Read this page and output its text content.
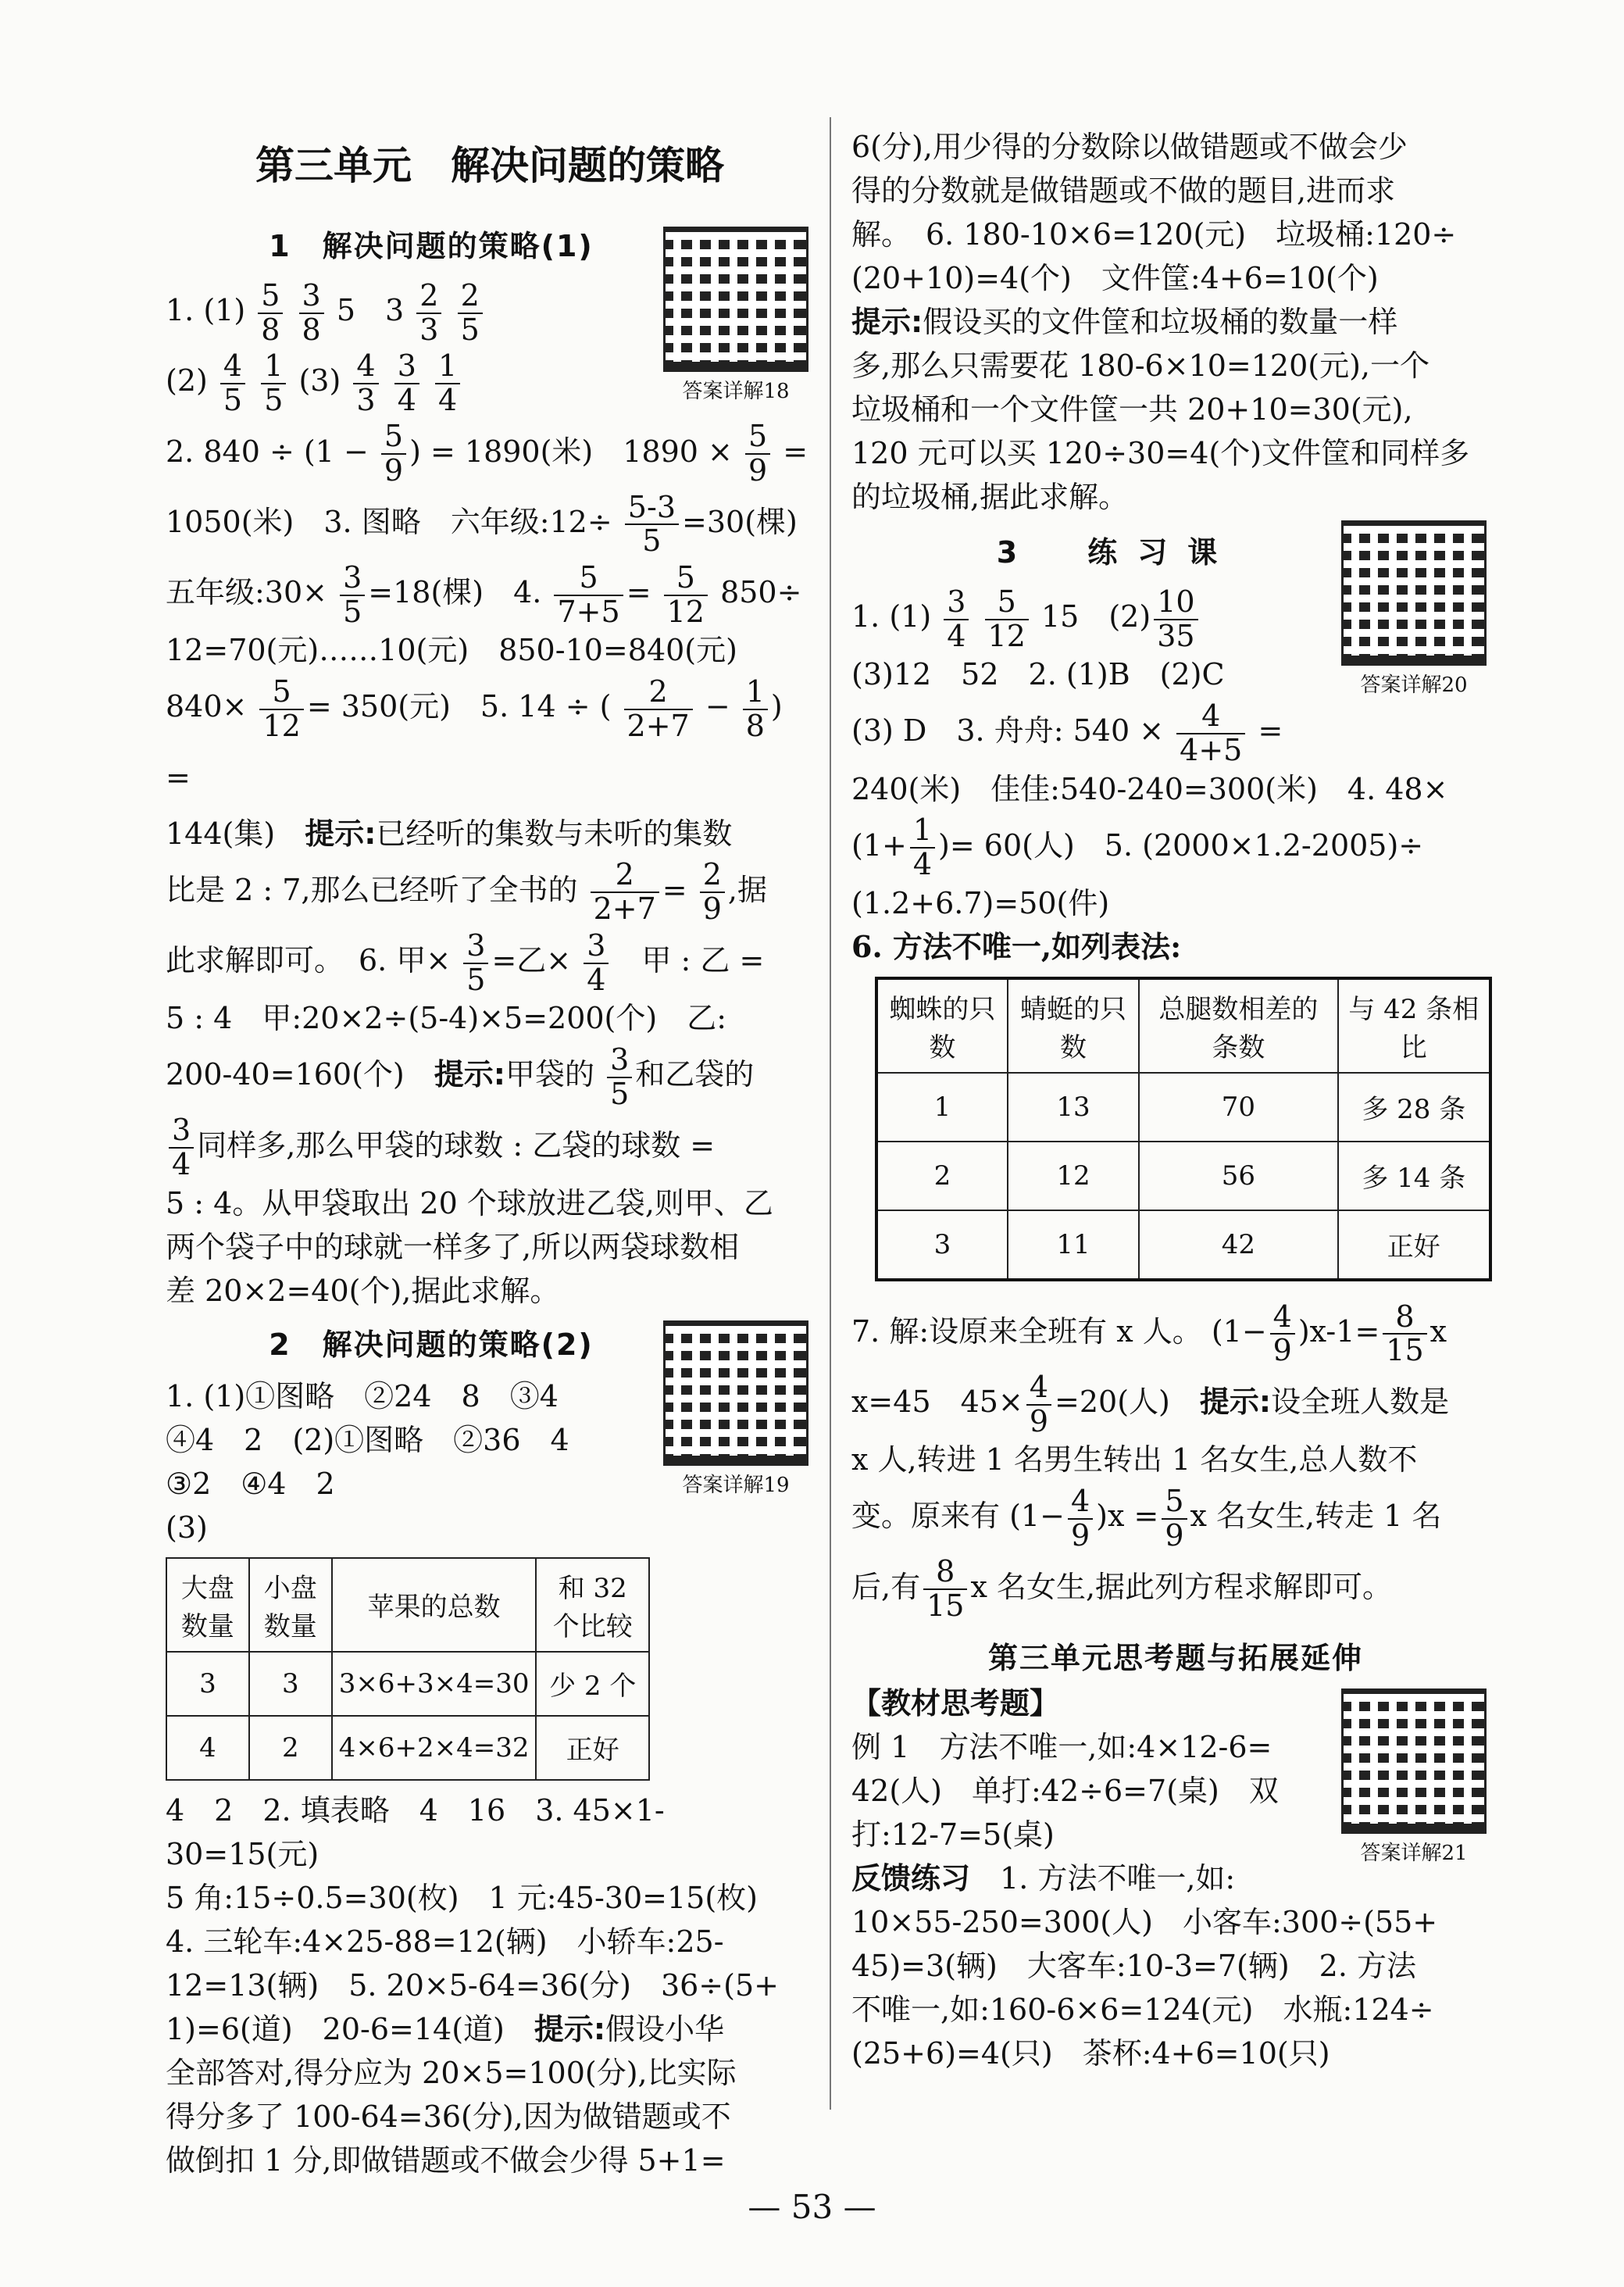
第三单元　解决问题的策略
1　解决问题的策略(1)
答案详解18

1. $(1) \frac{5}{8}$
$\frac{3}{8} 5$　$3 \frac{2}{3}$
$\frac{2}{5}$

$(2) \frac{4}{5}$
$\frac{1}{5} (3) \frac{4}{3}$
$\frac{3}{4}$
$\frac{1}{4}$

2. $840 \div (1 - \frac{5}{9}$ ) = 1890(米)　$1890 \times \frac{5}{9}$ =

1050(米)　3. 图略　六年级:12÷ $\frac{5-3}{5} =30$(棵)

五年级:30× $\frac{3}{5} =18$(棵)　4. $\frac{5}{7+5} = \frac{5}{12} 850\div$

12=70(元)……10(元)　850-10=840(元)

$840\times \frac{5}{12} = 350$(元)　5. 14 ÷ ( $\frac{2}{2+7} - \frac{1}{8}$ ) =

144(集)　 提示:已经听的集数与未听的集数

比是 2 : 7,那么已经听了全书的 $\frac{2}{2+7} = \frac{2}{9}$ ,据

此求解即可。　6. 甲× $\frac{3}{5}$ =乙× $\frac{3}{4}$
　 甲 : 乙 =

5 : 4　甲:20×2÷(5-4)×5=200(个)　乙:

200-40=160(个)　 提示:甲袋的 $\frac{3}{5}$ 和乙袋的

$\frac{3}{4}$ 同样多,那么甲袋的球数 : 乙袋的球数 =

5 : 4。从甲袋取出 20 个球放进乙袋,则甲、乙

两个袋子中的球就一样多了,所以两袋球数相

差 20×2=40(个),据此求解。

2　解决问题的策略(2)
答案详解19

1. (1)①图略　②24　8　③4

④4　2　(2)①图略　②36　4

③2　④4　2

(3)

大盘数量	小盘数量	苹果的总数	和 32 个比较
3	3	3×6+3×4=30	少 2 个
4	2	4×6+2×4=32	正好

4　2　2. 填表略　4　16　3. 45×1-30=15(元)

5 角:15÷0.5=30(枚)　1 元:45-30=15(枚)

4. 三轮车:4×25-88=12(辆)　小轿车:25-

12=13(辆)　5. 20×5-64=36(分)　36÷(5+

1)=6(道)　20-6=14(道)　 提示:假设小华

全部答对,得分应为 20×5=100(分),比实际

得分多了 100-64=36(分),因为做错题或不

做倒扣 1 分,即做错题或不做会少得 5+1=

6(分),用少得的分数除以做错题或不做会少

得的分数就是做错题或不做的题目,进而求

解。　6. 180-10×6=120(元)　垃圾桶:120÷

(20+10)=4(个)　文件筐:4+6=10(个)

提示:假设买的文件筐和垃圾桶的数量一样

多,那么只需要花 180-6×10=120(元),一个

垃圾桶和一个文件筐一共 20+10=30(元),

120 元可以买 120÷30=4(个)文件筐和同样多

的垃圾桶,据此求解。

3　练习课
答案详解20

1. $(1) \frac{3}{4}$
$\frac{5}{12} 15$　$(2) \frac{10}{35}$

(3)12　52　2. (1)B　(2)C

(3) D　3. 舟舟: $540 \times \frac{4}{4+5}$ =

240(米)　佳佳:540-240=300(米)　4. 48×

($1+ \frac{1}{4}$ )= 60(人)　5. (2000×1.2-2005)÷

(1.2+6.7)=50(件)

6. 方法不唯一,如列表法:

蜘蛛的只数	蜻蜓的只数	总腿数相差的条数	与 42 条相比
1	13	70	多 28 条
2	12	56	多 14 条
3	11	42	正好

7. 解:设原来全班有 x 人。 $(1- \frac{4}{9} )x-1= \frac{8}{15}$ x

x=45　$45\times \frac{4}{9} =20$(人)　 提示:设全班人数是

x 人,转进 1 名男生转出 1 名女生,总人数不

变。原来有 $(1- \frac{4}{9} )x = \frac{5}{9}$ x 名女生,转走 1 名

后,有 $\frac{8}{15}$ x 名女生,据此列方程求解即可。

第三单元思考题与拓展延伸
答案详解21

【教材思考题】

例 1　方法不唯一,如:4×12-6=

42(人)　单打:42÷6=7(桌)　双

打:12-7=5(桌)

反馈练习　1. 方法不唯一,如:

10×55-250=300(人)　小客车:300÷(55+

45)=3(辆)　大客车:10-3=7(辆)　2. 方法

不唯一,如:160-6×6=124(元)　水瓶:124÷

(25+6)=4(只)　茶杯:4+6=10(只)

— 53 —
